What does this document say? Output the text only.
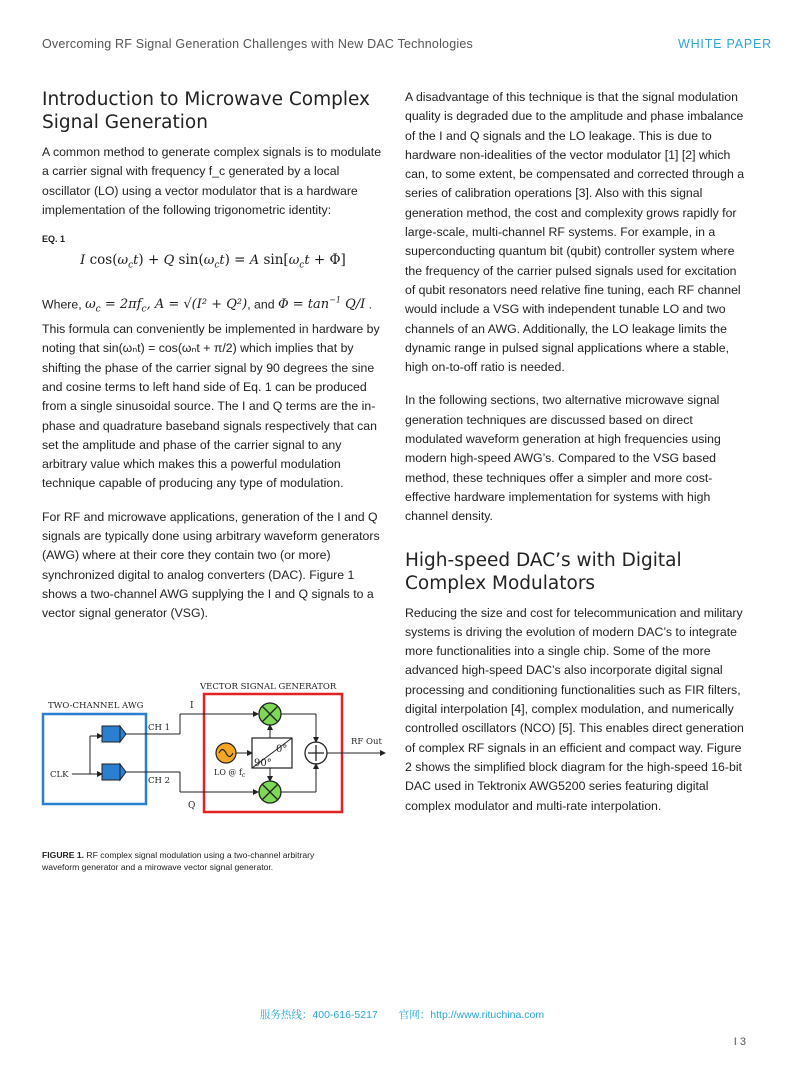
Overcoming RF Signal Generation Challenges with New DAC Technologies	WHITE PAPER
Introduction to Microwave Complex Signal Generation

A common method to generate complex signals is to modulate a carrier signal with frequency f_c generated by a local oscillator (LO) using a vector modulator that is a hardware implementation of the following trigonometric identity:

EQ. 1
I $\cos(\omega_ct) + Q$ $\sin(\omega_ct) = A$ $\sin[\omega_ct + \Phi]$

Where, $\omega_c = 2\pi f_c$, A = √(I² + Q²), and $\Phi = \tan^{-1} Q/I$ . This formula can conveniently be implemented in hardware by noting that sin(ωₙt) = cos(ωₙt + π/2) which implies that by shifting the phase of the carrier signal by 90 degrees the sine and cosine terms to left hand side of Eq. 1 can be produced from a single sinusoidal source. The I and Q terms are the in-phase and quadrature baseband signals respectively that can set the amplitude and phase of the carrier signal to any arbitrary value which makes this a powerful modulation technique capable of producing any type of modulation.

For RF and microwave applications, generation of the I and Q signals are typically done using arbitrary waveform generators (AWG) where at their core they contain two (or more) synchronized digital to analog converters (DAC). Figure 1 shows a two-channel AWG supplying the I and Q signals to a vector signal generator (VSG).

TWO-CHANNEL AWG
VECTOR SIGNAL GENERATOR
CLK
CH 1
I
CH 2
Q
0°
90°
LO @ $f_c$
RF Out
FIGURE 1. RF complex signal modulation using a two-channel arbitrary waveform generator and a mirowave vector signal generator.

A disadvantage of this technique is that the signal modulation quality is degraded due to the amplitude and phase imbalance of the I and Q signals and the LO leakage. This is due to hardware non-idealities of the vector modulator [1] [2] which can, to some extent, be compensated and corrected through a series of calibration operations [3]. Also with this signal generation method, the cost and complexity grows rapidly for large-scale, multi-channel RF systems. For example, in a superconducting quantum bit (qubit) controller system where the frequency of the carrier pulsed signals used for excitation of qubit resonators need relative fine tuning, each RF channel would include a VSG with independent tunable LO and two channels of an AWG. Additionally, the LO leakage limits the dynamic range in pulsed signal applications where a stable, high on-to-off ratio is needed.

In the following sections, two alternative microwave signal generation techniques are discussed based on direct modulated waveform generation at high frequencies using modern high-speed AWG’s. Compared to the VSG based method, these techniques offer a simpler and more cost-effective hardware implementation for systems with high channel density.

High-speed DAC’s with Digital Complex Modulators

Reducing the size and cost for telecommunication and military systems is driving the evolution of modern DAC’s to integrate more functionalities into a single chip. Some of the more advanced high-speed DAC’s also incorporate digital signal processing and conditioning functionalities such as FIR filters, digital interpolation [4], complex modulation, and numerically controlled oscillators (NCO) [5]. This enables direct generation of complex RF signals in an efficient and compact way. Figure 2 shows the simplified block diagram for the high-speed 16-bit DAC used in Tektronix AWG5200 series featuring digital complex modulator and multi-rate interpolation.

服务热线：400-616-5217　　官网：http://www.rituchina.com
I 3
